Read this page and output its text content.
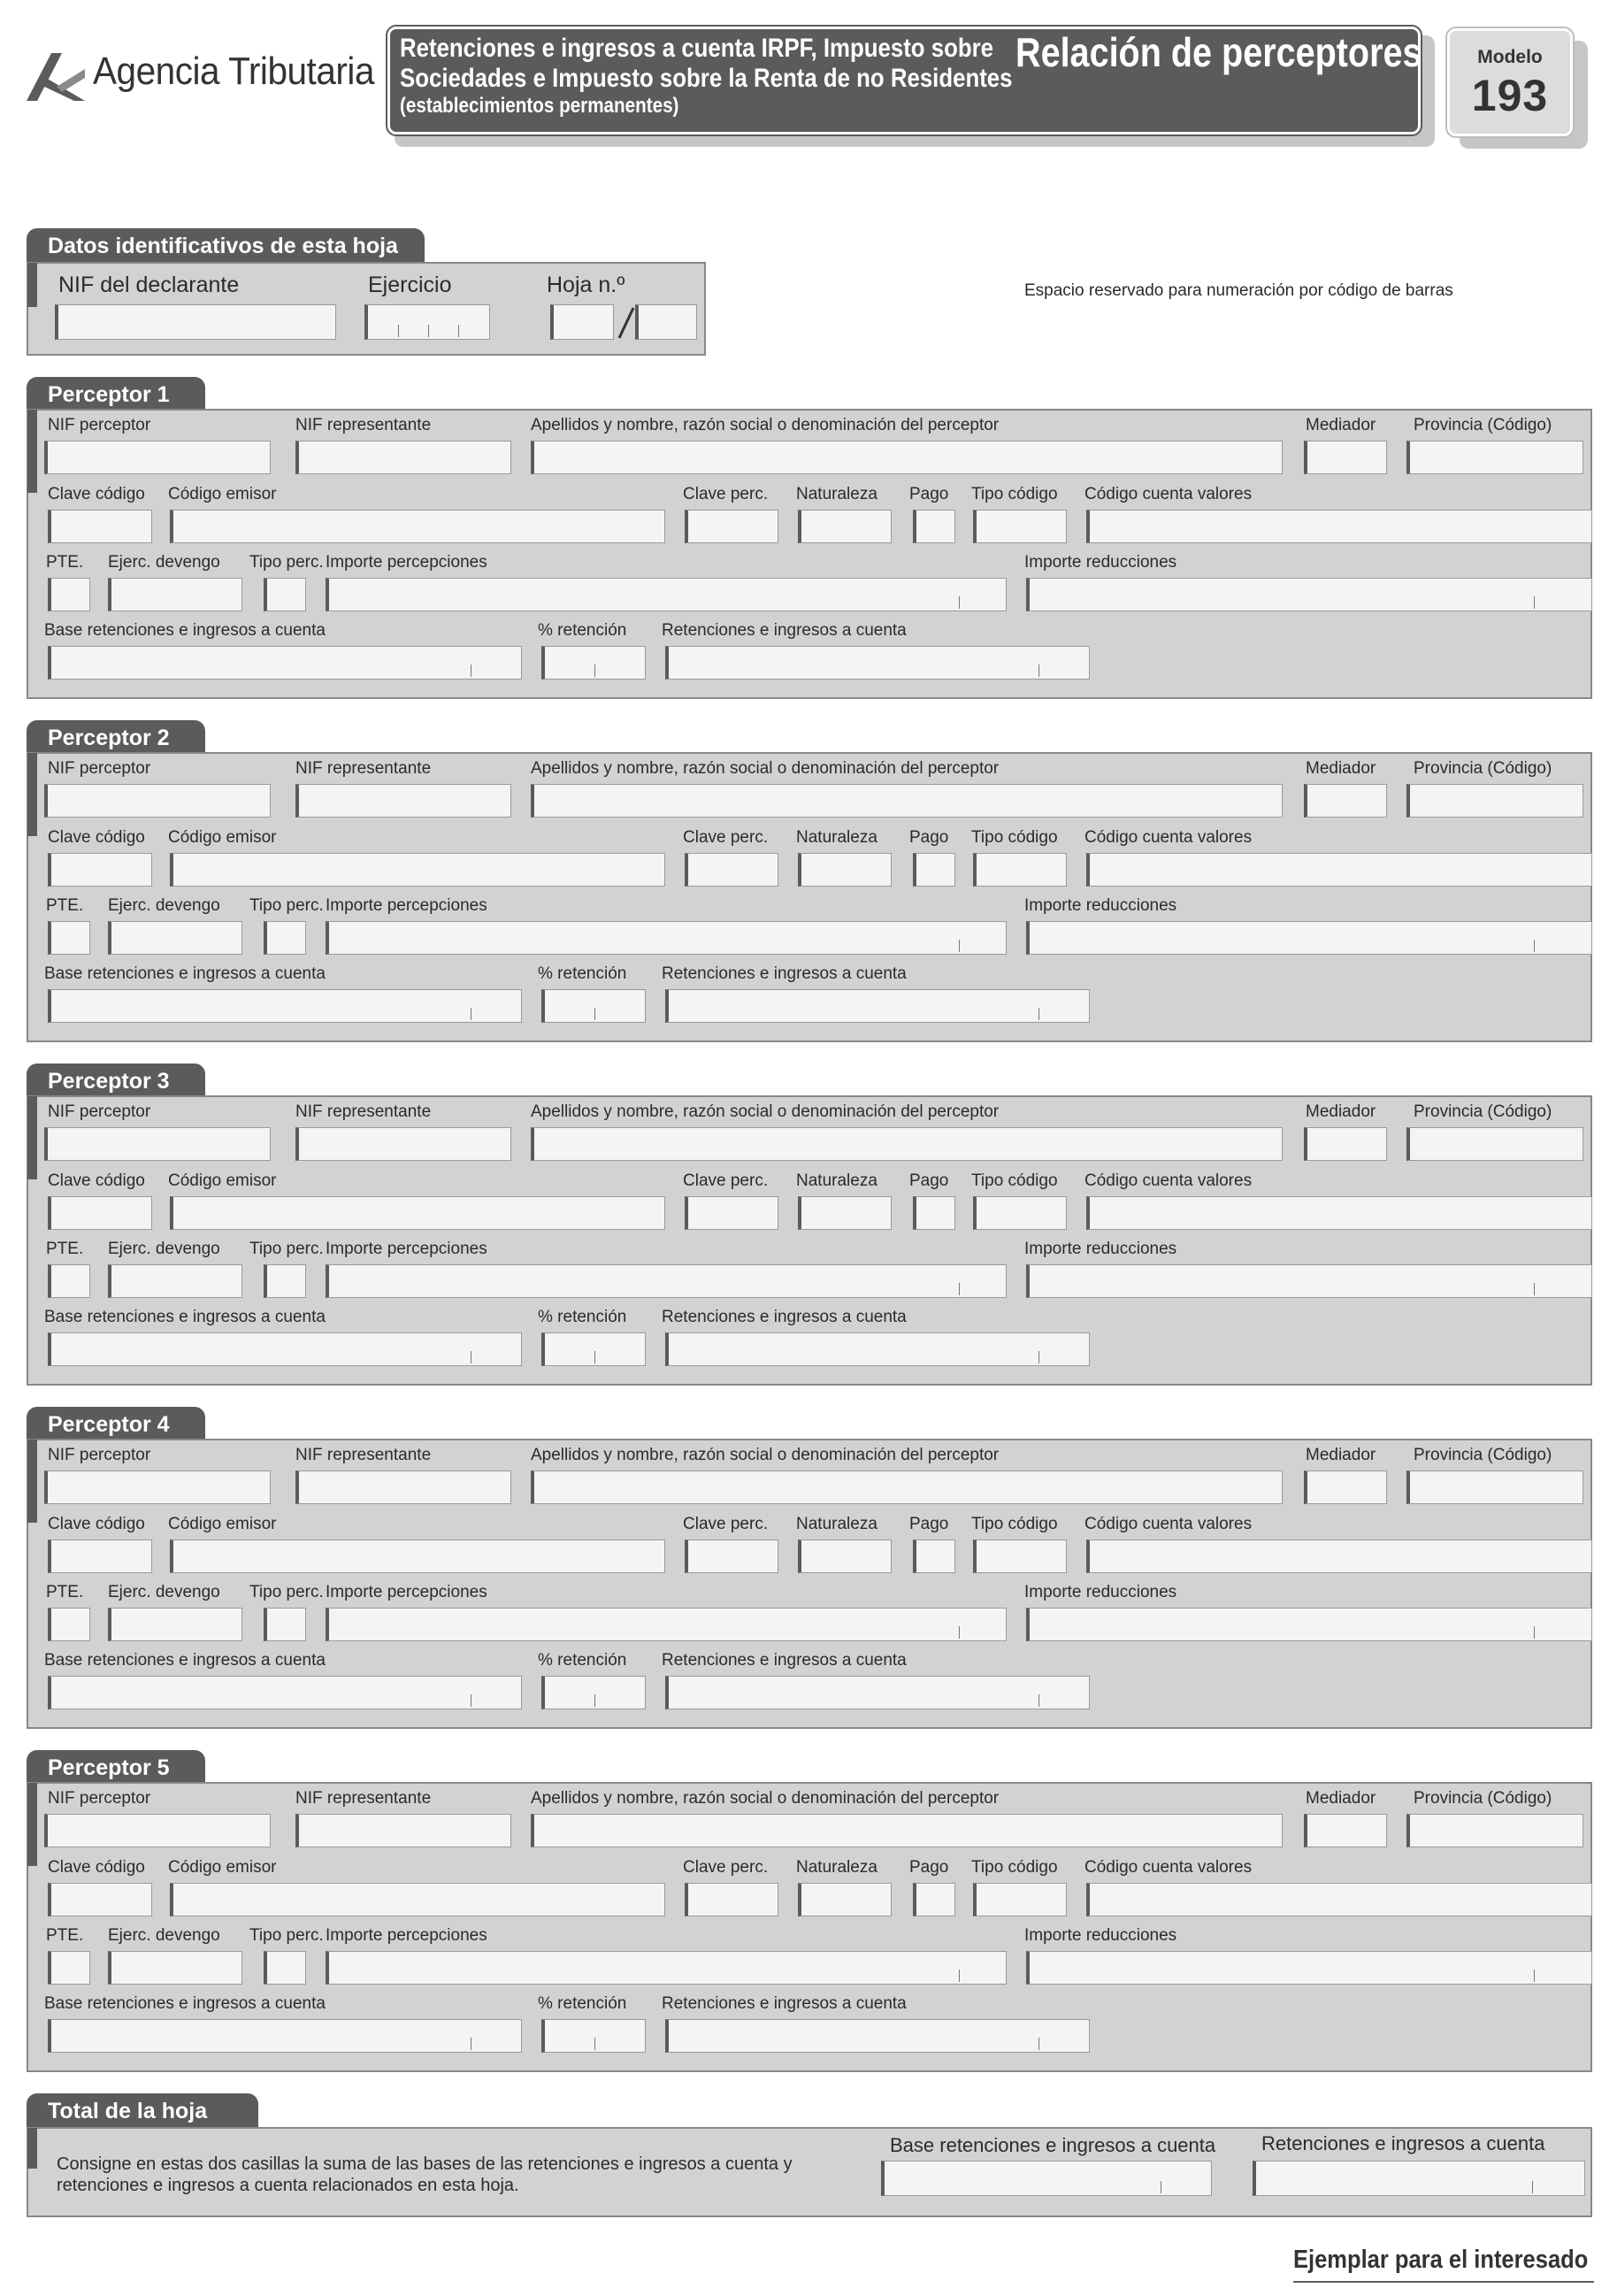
Agencia Tributaria
Retenciones e ingresos a cuenta IRPF, Impuesto sobre
Sociedades e Impuesto sobre la Renta de no Residentes
(establecimientos permanentes)
Relación de perceptores	Modelo
193
Datos identificativos de esta hoja
NIF del declarante	Ejercicio	Hoja n.º	Espacio reservado para numeración por código de barras
Perceptor 1
NIF perceptor	NIF representante	Apellidos y nombre, razón social o denominación del perceptor	Mediador Provincia (Código)
Clave código Código emisor	Clave perc. Naturaleza Pago Tipo código Código cuenta valores
PTE. Ejerc. devengo Tipo perc. Importe percepciones	Importe reducciones
Base retenciones e ingresos a cuenta	% retención Retenciones e ingresos a cuenta
Perceptor 2
NIF perceptor	NIF representante	Apellidos y nombre, razón social o denominación del perceptor	Mediador Provincia (Código)
Clave código Código emisor	Clave perc. Naturaleza Pago Tipo código Código cuenta valores
PTE. Ejerc. devengo Tipo perc. Importe percepciones	Importe reducciones
Base retenciones e ingresos a cuenta	% retención Retenciones e ingresos a cuenta
Perceptor 3
NIF perceptor	NIF representante	Apellidos y nombre, razón social o denominación del perceptor	Mediador Provincia (Código)
Clave código Código emisor	Clave perc. Naturaleza Pago Tipo código Código cuenta valores
PTE. Ejerc. devengo Tipo perc. Importe percepciones	Importe reducciones
Base retenciones e ingresos a cuenta	% retención Retenciones e ingresos a cuenta
Perceptor 4
NIF perceptor	NIF representante	Apellidos y nombre, razón social o denominación del perceptor	Mediador Provincia (Código)
Clave código Código emisor	Clave perc. Naturaleza Pago Tipo código Código cuenta valores
PTE. Ejerc. devengo Tipo perc. Importe percepciones	Importe reducciones
Base retenciones e ingresos a cuenta	% retención Retenciones e ingresos a cuenta
Perceptor 5
NIF perceptor	NIF representante	Apellidos y nombre, razón social o denominación del perceptor	Mediador Provincia (Código)
Clave código Código emisor	Clave perc. Naturaleza Pago Tipo código Código cuenta valores
PTE. Ejerc. devengo Tipo perc. Importe percepciones	Importe reducciones
Base retenciones e ingresos a cuenta	% retención Retenciones e ingresos a cuenta
Total de la hoja
Consigne en estas dos casillas la suma de las bases de las retenciones e ingresos a cuenta y retenciones e ingresos a cuenta relacionados en esta hoja.
Base retenciones e ingresos a cuenta Retenciones e ingresos a cuenta
Ejemplar para el interesado
